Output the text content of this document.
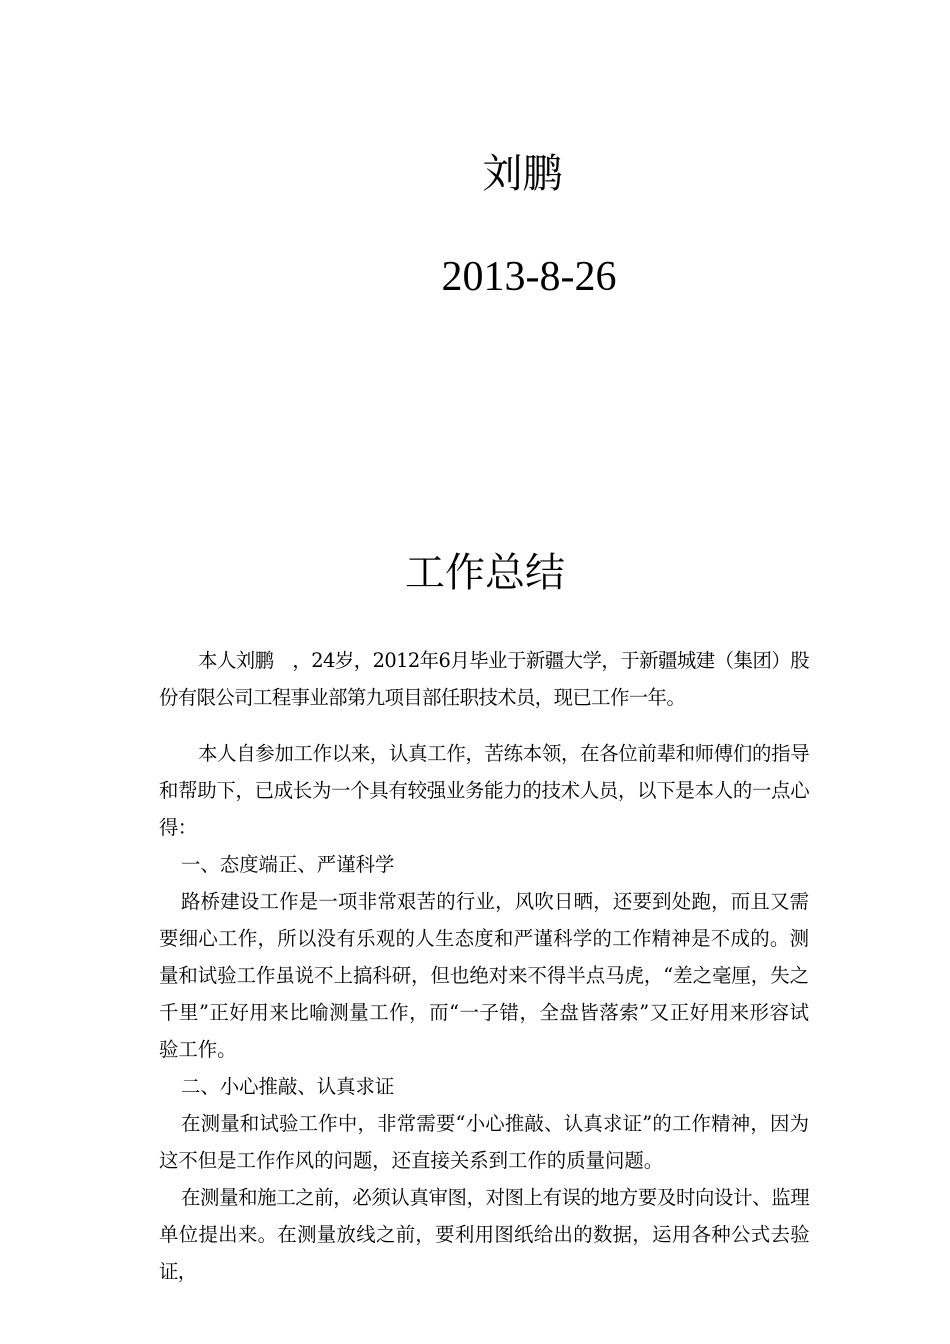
刘鹏
2013-8-26
工作总结

本人刘鹏　，24岁，2012年6月毕业于新疆大学，于新疆城建（集团）股份有限公司工程事业部第九项目部任职技术员，现已工作一年。

本人自参加工作以来，认真工作，苦练本领，在各位前辈和师傅们的指导和帮助下，已成长为一个具有较强业务能力的技术人员，以下是本人的一点心得：

一、态度端正、严谨科学

路桥建设工作是一项非常艰苦的行业，风吹日晒，还要到处跑，而且又需要细心工作，所以没有乐观的人生态度和严谨科学的工作精神是不成的。测量和试验工作虽说不上搞科研，但也绝对来不得半点马虎，“差之毫厘，失之千里”正好用来比喻测量工作，而“一子错，全盘皆落索”又正好用来形容试验工作。

二、小心推敲、认真求证

在测量和试验工作中，非常需要“小心推敲、认真求证”的工作精神，因为这不但是工作作风的问题，还直接关系到工作的质量问题。

在测量和施工之前，必须认真审图，对图上有误的地方要及时向设计、监理单位提出来。在测量放线之前，要利用图纸给出的数据，运用各种公式去验证，
